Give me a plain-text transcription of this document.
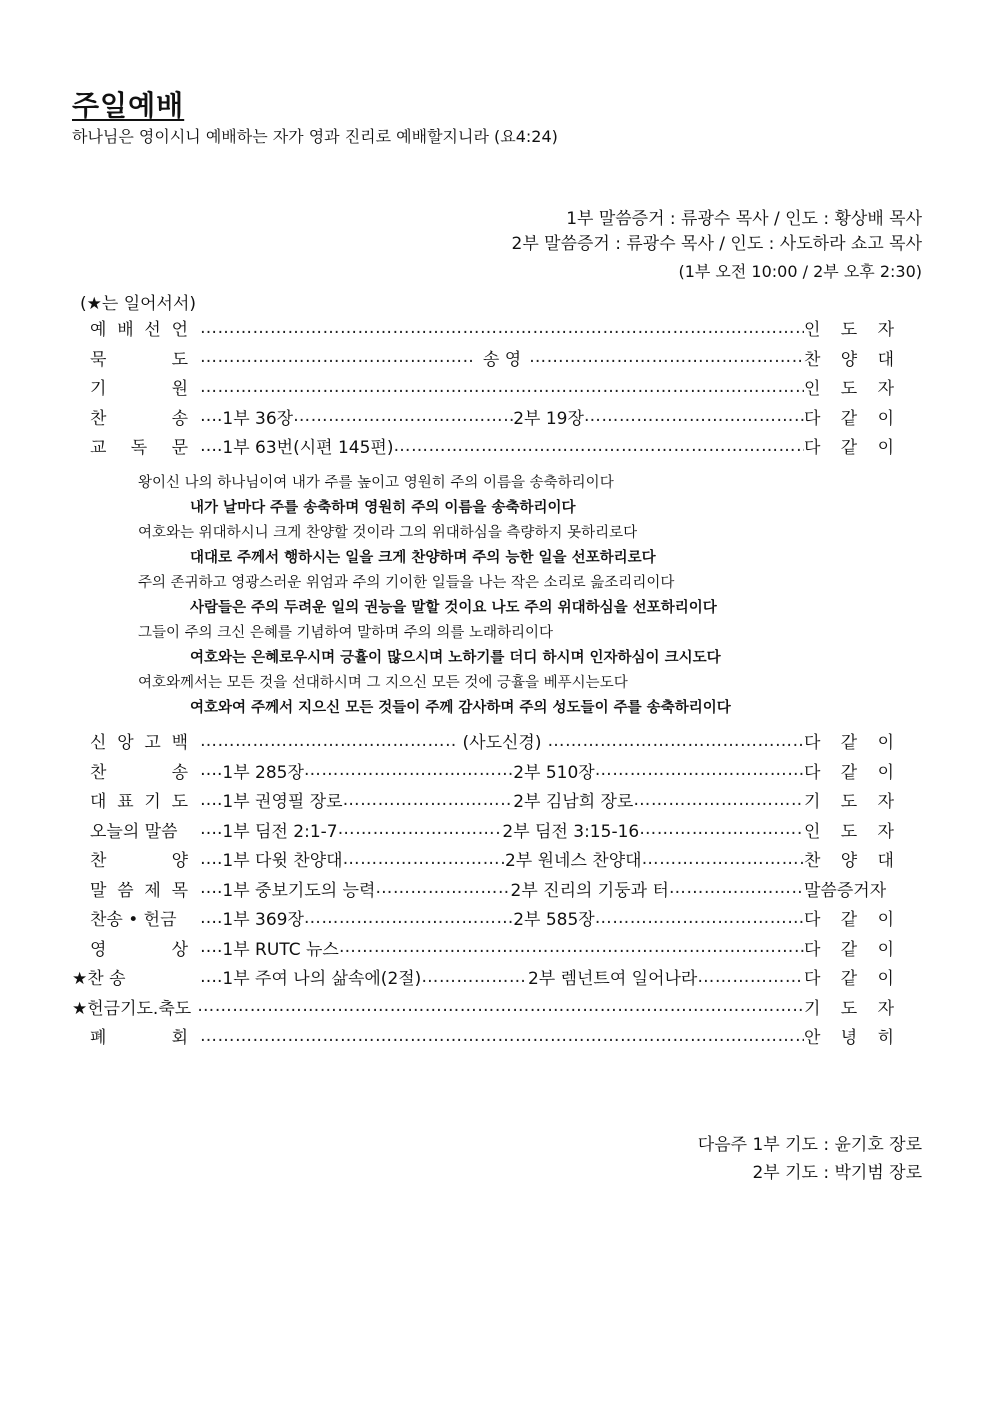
주일예배
하나님은 영이시니 예배하는 자가 영과 진리로 예배할지니라 (요4:24)
1부 말씀증거 : 류광수 목사 / 인도 : 황상배 목사
2부 말씀증거 : 류광수 목사 / 인도 : 사도하라 쇼고 목사
(1부 오전 10:00 / 2부 오후 2:30)
(★는 일어서서)
예 배 선 언 …………………………………………………………………………………………………………………………………………………………………………………………	인 도 자
묵	도 …………………………………………………………………………………………………………………………………………………………………………………………	송 영 …………………………………………………………………………………………………………………………………………………………………………………………	찬 양 대
기	원 …………………………………………………………………………………………………………………………………………………………………………………………	인 도 자
찬	송 …. 1부 36장 …………………………………………………………………………………………………………………………………………………………………………………………	2부 19장 …………………………………………………………………………………………………………………………………………………………………………………………	다 같 이
교 독 문 …. 1부 63번(시편 145편) …………………………………………………………………………………………………………………………………………………………………………………………	다 같 이
왕이신 나의 하나님이여 내가 주를 높이고 영원히 주의 이름을 송축하리이다
내가 날마다 주를 송축하며 영원히 주의 이름을 송축하리이다
여호와는 위대하시니 크게 찬양할 것이라 그의 위대하심을 측량하지 못하리로다
대대로 주께서 행하시는 일을 크게 찬양하며 주의 능한 일을 선포하리로다
주의 존귀하고 영광스러운 위엄과 주의 기이한 일들을 나는 작은 소리로 읊조리리이다
사람들은 주의 두려운 일의 권능을 말할 것이요 나도 주의 위대하심을 선포하리이다
그들이 주의 크신 은혜를 기념하여 말하며 주의 의를 노래하리이다
여호와는 은혜로우시며 긍휼이 많으시며 노하기를 더디 하시며 인자하심이 크시도다
여호와께서는 모든 것을 선대하시며 그 지으신 모든 것에 긍휼을 베푸시는도다
여호와여 주께서 지으신 모든 것들이 주께 감사하며 주의 성도들이 주를 송축하리이다
신 앙 고 백 …………………………………………………………………………………………………………………………………………………………………………………………	(사도신경) …………………………………………………………………………………………………………………………………………………………………………………………	다 같 이
찬	송 …. 1부 285장 …………………………………………………………………………………………………………………………………………………………………………………………	2부 510장 …………………………………………………………………………………………………………………………………………………………………………………………	다 같 이
대 표 기 도 …. 1부 권영필 장로 …………………………………………………………………………………………………………………………………………………………………………………………	2부 김남희 장로 …………………………………………………………………………………………………………………………………………………………………………………………	기 도 자
오늘의 말씀	…. 1부 딤전 2:1-7 …………………………………………………………………………………………………………………………………………………………………………………………	2부 딤전 3:15-16 …………………………………………………………………………………………………………………………………………………………………………………………	인 도 자
찬	양 …. 1부 다윗 찬양대 …………………………………………………………………………………………………………………………………………………………………………………………	2부 원네스 찬양대 …………………………………………………………………………………………………………………………………………………………………………………………	찬 양 대
말 씀 제 목 …. 1부 중보기도의 능력 …………………………………………………………………………………………………………………………………………………………………………………………	2부 진리의 기둥과 터 …………………………………………………………………………………………………………………………………………………………………………………………	말씀증거자
찬송 • 헌금	…. 1부 369장 …………………………………………………………………………………………………………………………………………………………………………………………	2부 585장 …………………………………………………………………………………………………………………………………………………………………………………………	다 같 이
영	상 …. 1부 RUTC 뉴스 …………………………………………………………………………………………………………………………………………………………………………………………	다 같 이
★찬 송	…. 1부 주여 나의 삶속에(2절) …………………………………………………………………………………………………………………………………………………………………………………………	2부 렘넌트여 일어나라 …………………………………………………………………………………………………………………………………………………………………………………………	다 같 이
★헌금기도.축도 …………………………………………………………………………………………………………………………………………………………………………………………	기 도 자
폐	회 …………………………………………………………………………………………………………………………………………………………………………………………	안 녕 히
다음주 1부 기도 : 윤기호 장로
2부 기도 : 박기범 장로
